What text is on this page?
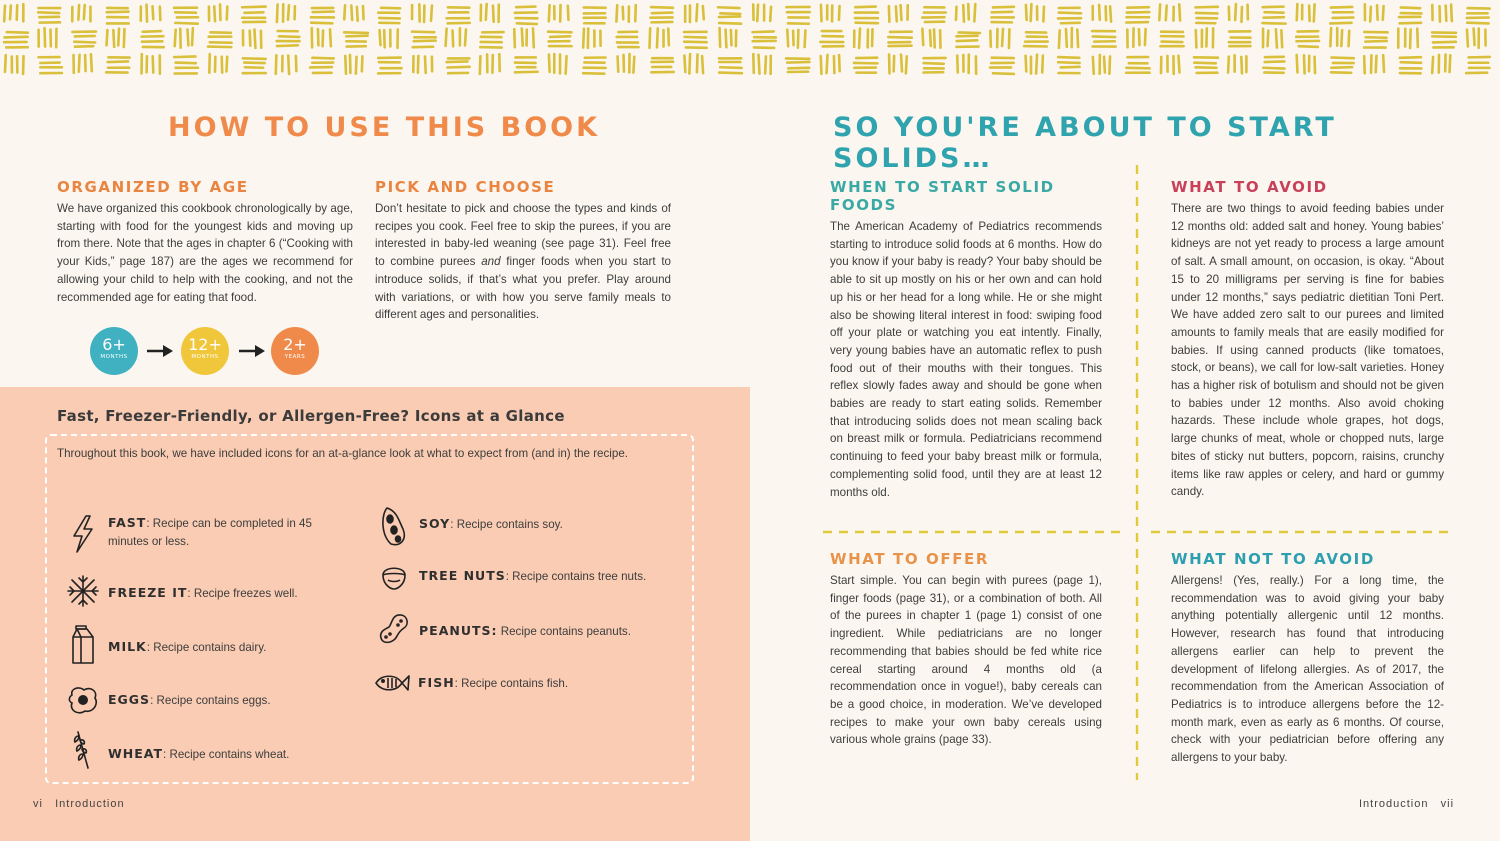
HOW TO USE THIS BOOK
ORGANIZED BY AGE

We have organized this cookbook chronologically by age, starting with food for the youngest kids and moving up from there. Note that the ages in chapter 6 (“Cooking with your Kids,” page 187) are the ages we recommend for allowing your child to help with the cooking, and not the recommended age for eating that food.

6+
MONTHS
12+
MONTHS
2+
YEARS
PICK AND CHOOSE

Don’t hesitate to pick and choose the types and kinds of recipes you cook. Feel free to skip the purees, if you are interested in baby-led weaning (see page 31). Feel free to combine purees and finger foods when you start to introduce solids, if that’s what you prefer. Play around with variations, or with how you serve family meals to different ages and personalities.

Fast, Freezer-Friendly, or Allergen-Free? Icons at a Glance

Throughout this book, we have included icons for an at-a-glance look at what to expect from (and in) the recipe.

FAST: Recipe can be completed in 45 minutes or less.
FREEZE IT: Recipe freezes well.
MILK: Recipe contains dairy.
EGGS: Recipe contains eggs.
WHEAT: Recipe contains wheat.
SOY: Recipe contains soy.
TREE NUTS: Recipe contains tree nuts.
PEANUTS: Recipe contains peanuts.
FISH: Recipe contains fish.
vi Introduction
SO YOU'RE ABOUT TO START SOLIDS…
WHEN TO START SOLID FOODS

The American Academy of Pediatrics recommends starting to introduce solid foods at 6 months. How do you know if your baby is ready? Your baby should be able to sit up mostly on his or her own and can hold up his or her head for a long while. He or she might also be showing literal interest in food: swiping food off your plate or watching you eat intently. Finally, very young babies have an automatic reflex to push food out of their mouths with their tongues. This reflex slowly fades away and should be gone when babies are ready to start eating solids. Remember that introducing solids does not mean scaling back on breast milk or formula. Pediatricians recommend continuing to feed your baby breast milk or formula, complementing solid food, until they are at least 12 months old.

WHAT TO AVOID

There are two things to avoid feeding babies under 12 months old: added salt and honey. Young babies’ kidneys are not yet ready to process a large amount of salt. A small amount, on occasion, is okay. “About 15 to 20 milligrams per serving is fine for babies under 12 months,” says pediatric dietitian Toni Pert. We have added zero salt to our purees and limited amounts to family meals that are easily modified for babies. If using canned products (like tomatoes, stock, or beans), we call for low-salt varieties. Honey has a higher risk of botulism and should not be given to babies under 12 months. Also avoid choking hazards. These include whole grapes, hot dogs, large chunks of meat, whole or chopped nuts, large bites of sticky nut butters, popcorn, raisins, crunchy items like raw apples or celery, and hard or gummy candy.

WHAT TO OFFER

Start simple. You can begin with purees (page 1), finger foods (page 31), or a combination of both. All of the purees in chapter 1 (page 1) consist of one ingredient. While pediatricians are no longer recommending that babies should be fed white rice cereal starting around 4 months old (a recommendation once in vogue!), baby cereals can be a good choice, in moderation. We’ve developed recipes to make your own baby cereals using various whole grains (page 33).

WHAT NOT TO AVOID

Allergens! (Yes, really.) For a long time, the recommendation was to avoid giving your baby anything potentially allergenic until 12 months. However, research has found that introducing allergens earlier can help to prevent the development of lifelong allergies. As of 2017, the recommendation from the American Association of Pediatrics is to introduce allergens before the 12-month mark, even as early as 6 months. Of course, check with your pediatrician before offering any allergens to your baby.

Introduction vii
